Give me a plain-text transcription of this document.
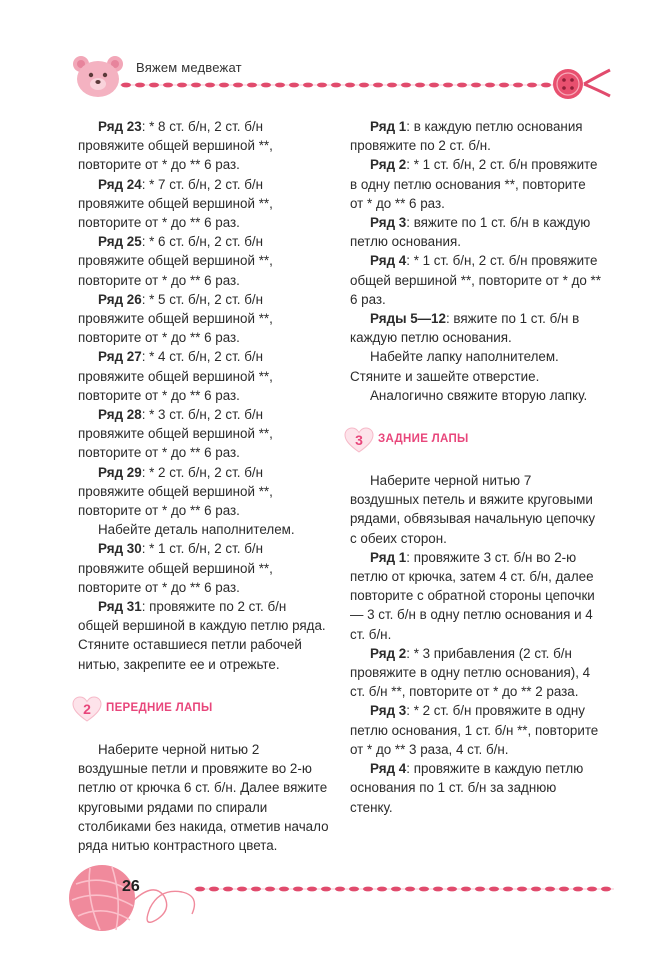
Вяжем медвежат

Ряд 23: * 8 ст. б/н, 2 ст. б/н провяжите общей вершиной **, повторите от * до ** 6 раз.

Ряд 24: * 7 ст. б/н, 2 ст. б/н провяжите общей вершиной **, повторите от * до ** 6 раз.

Ряд 25: * 6 ст. б/н, 2 ст. б/н провяжите общей вершиной **, повторите от * до ** 6 раз.

Ряд 26: * 5 ст. б/н, 2 ст. б/н провяжите общей вершиной **, повторите от * до ** 6 раз.

Ряд 27: * 4 ст. б/н, 2 ст. б/н провяжите общей вершиной **, повторите от * до ** 6 раз.

Ряд 28: * 3 ст. б/н, 2 ст. б/н провяжите общей вершиной **, повторите от * до ** 6 раз.

Ряд 29: * 2 ст. б/н, 2 ст. б/н провяжите общей вершиной **, повторите от * до ** 6 раз.

Набейте деталь наполнителем.

Ряд 30: * 1 ст. б/н, 2 ст. б/н провяжите общей вершиной **, повторите от * до ** 6 раз.

Ряд 31: провяжите по 2 ст. б/н общей вершиной в каждую петлю ряда. Стяните оставшиеся петли рабочей нитью, закрепите ее и отрежьте.

2	ПЕРЕДНИЕ ЛАПЫ

Наберите черной нитью 2 воздушные петли и провяжите во 2-ю петлю от крючка 6 ст. б/н. Далее вяжите круговыми рядами по спирали столбиками без накида, отметив начало ряда нитью контрастного цвета.

Ряд 1: в каждую петлю основания провяжите по 2 ст. б/н.

Ряд 2: * 1 ст. б/н, 2 ст. б/н провяжите в одну петлю основания **, повторите от * до ** 6 раз.

Ряд 3: вяжите по 1 ст. б/н в каждую петлю основания.

Ряд 4: * 1 ст. б/н, 2 ст. б/н провяжите общей вершиной **, повторите от * до ** 6 раз.

Ряды 5—12: вяжите по 1 ст. б/н в каждую петлю основания.

Набейте лапку наполнителем. Стяните и зашейте отверстие.

Аналогично свяжите вторую лапку.

3	ЗАДНИЕ ЛАПЫ

Наберите черной нитью 7 воздушных петель и вяжите круговыми рядами, обвязывая начальную цепочку с обеих сторон.

Ряд 1: провяжите 3 ст. б/н во 2-ю петлю от крючка, затем 4 ст. б/н, далее повторите с обратной стороны цепочки — 3 ст. б/н в одну петлю основания и 4 ст. б/н.

Ряд 2: * 3 прибавления (2 ст. б/н провяжите в одну петлю основания), 4 ст. б/н **, повторите от * до ** 2 раза.

Ряд 3: * 2 ст. б/н провяжите в одну петлю основания, 1 ст. б/н **, повторите от * до ** 3 раза, 4 ст. б/н.

Ряд 4: провяжите в каждую петлю основания по 1 ст. б/н за заднюю стенку.

26
